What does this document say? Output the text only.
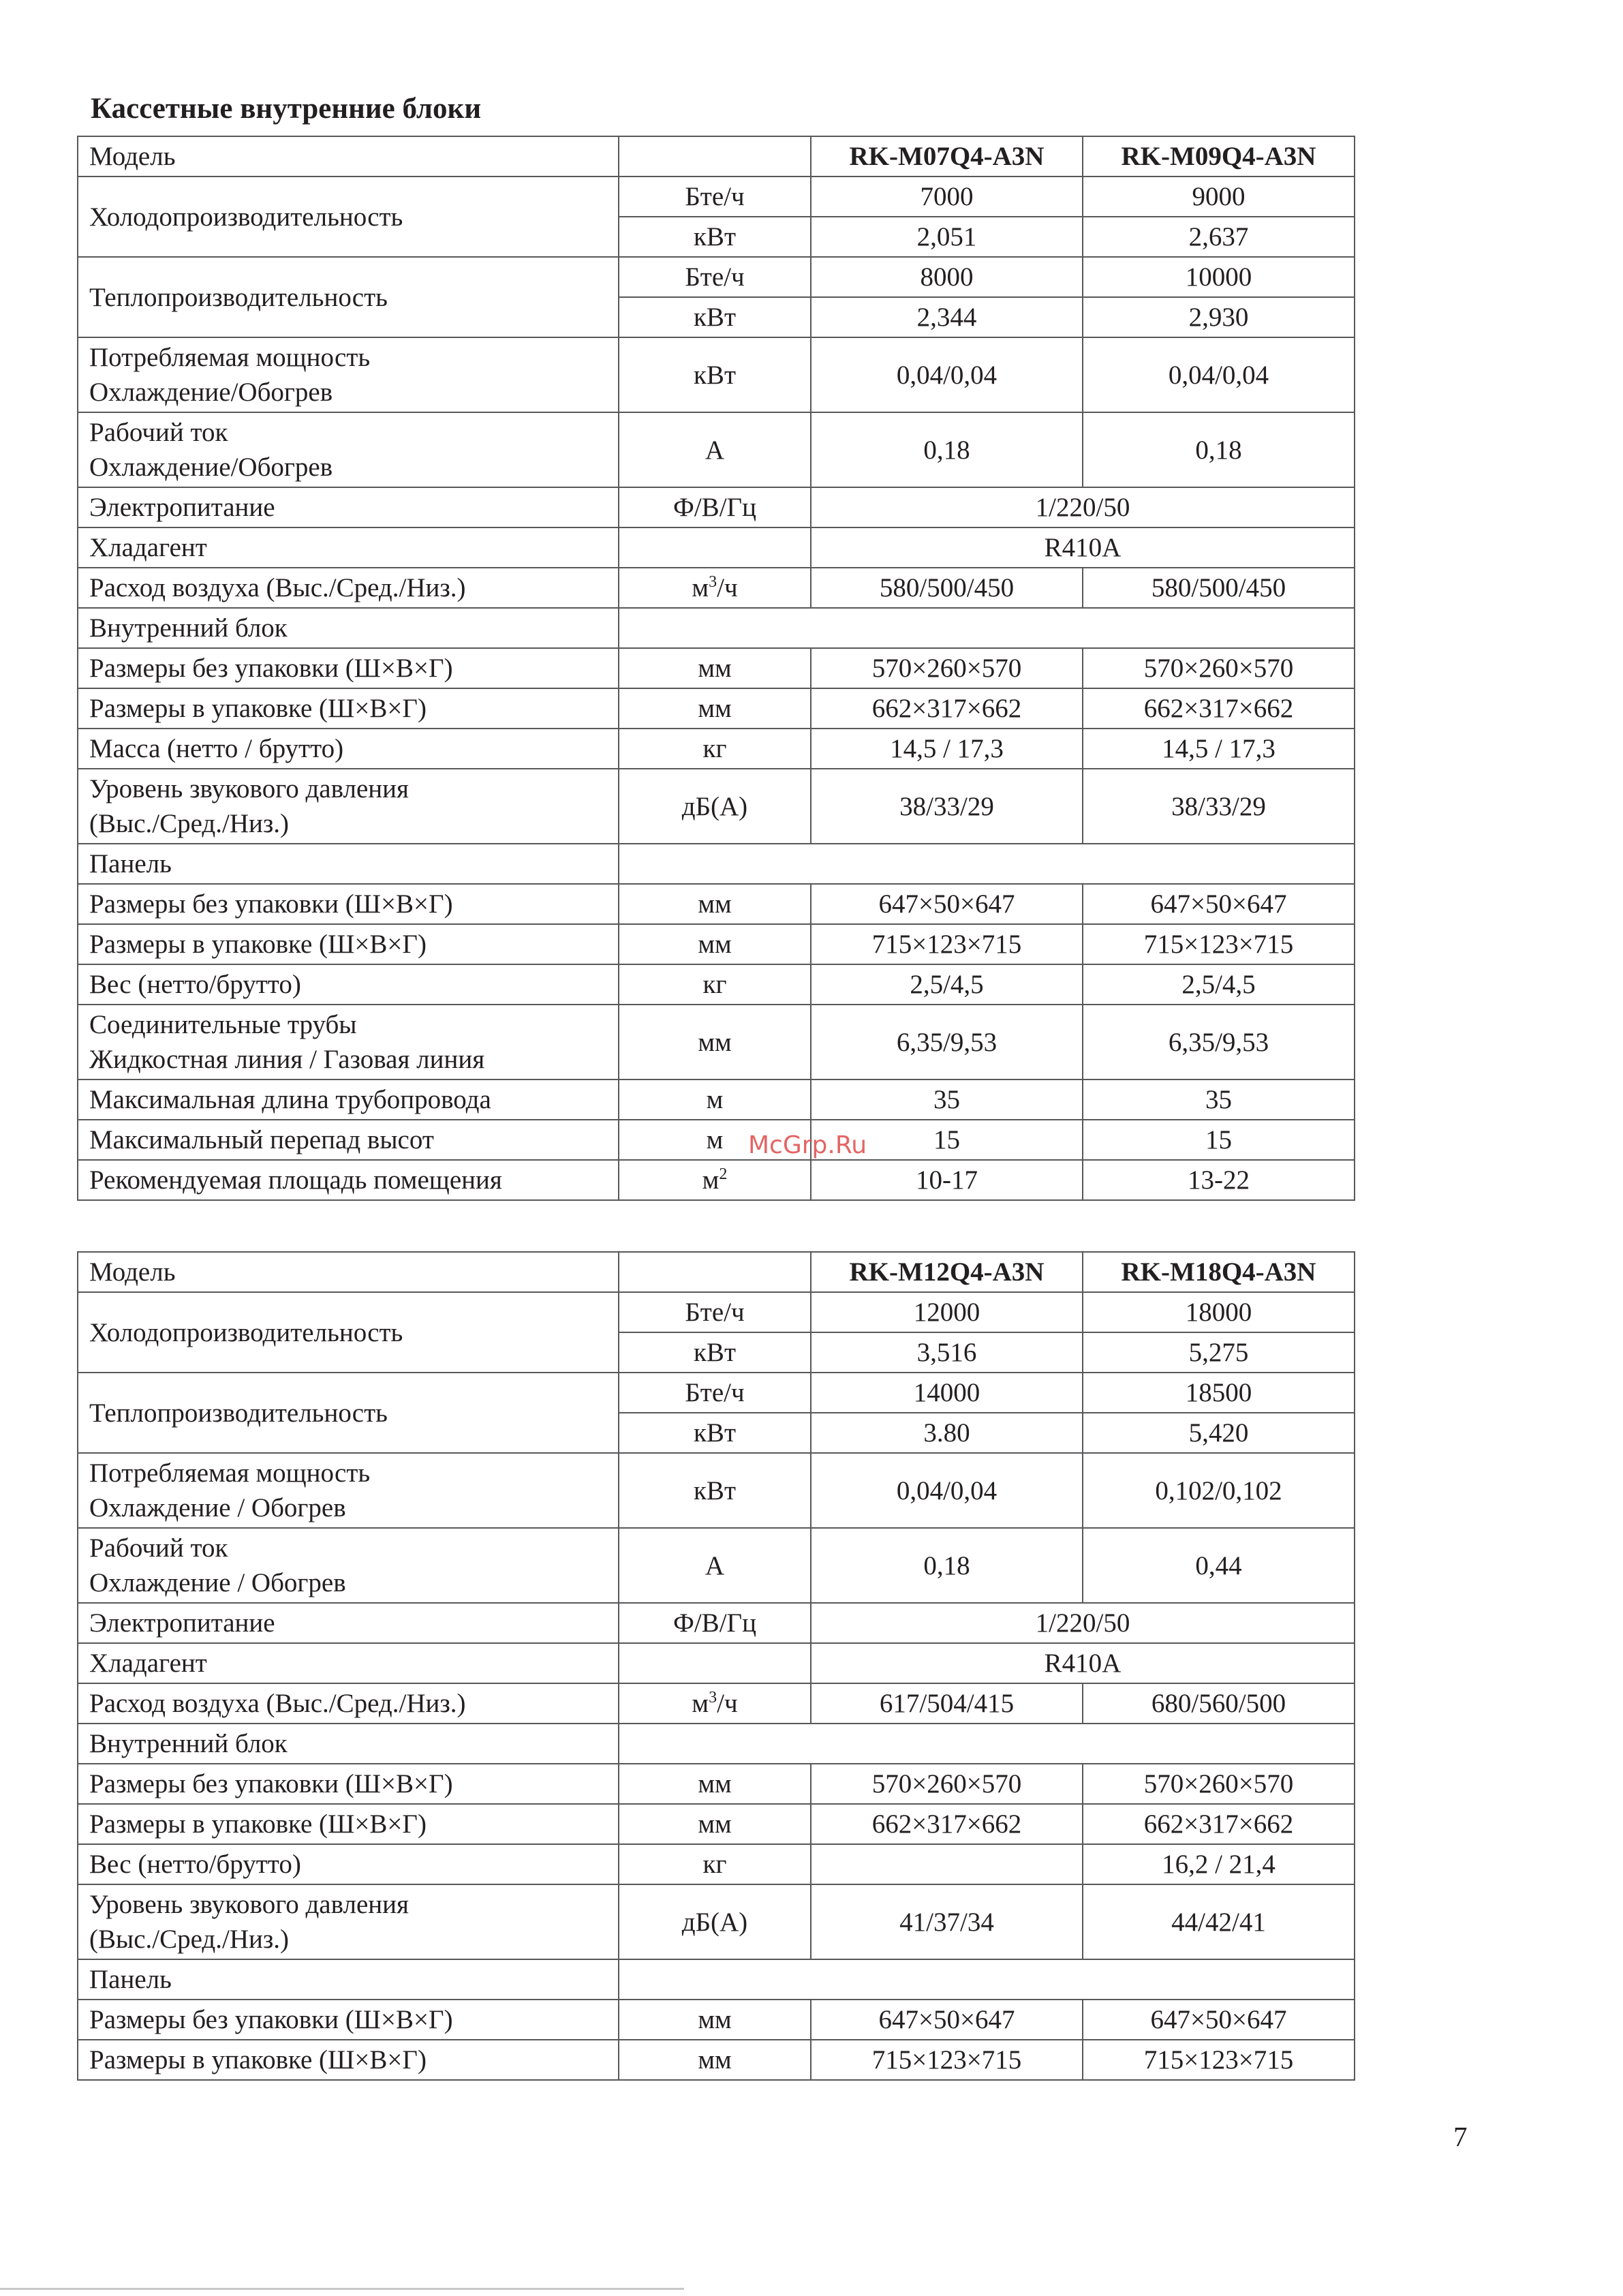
Кассетные внутренние блоки
Модель		RK-M07Q4-A3N	RK-M09Q4-A3N
Холодопроизводительность	Бте/ч	7000	9000
	кВт	2,051	2,637
Теплопроизводительность	Бте/ч	8000	10000
	кВт	2,344	2,930

Потребляемая мощность
Охлаждение/Обогрев	кВт	0,04/0,04	0,04/0,04

Рабочий ток
Охлаждение/Обогрев	А	0,18	0,18
Электропитание	Ф/В/Гц	1/220/50	
Хладагент		R410A	
Расход воздуха (Выс./Сред./Низ.)	$м^3/ч$	580/500/450	580/500/450
Внутренний блок			
Размеры без упаковки (Ш×В×Г)	мм	570×260×570	570×260×570
Размеры в упаковке (Ш×В×Г)	мм	662×317×662	662×317×662
Масса (нетто / брутто)	кг	14,5 / 17,3	14,5 / 17,3

Уровень звукового давления
(Выс./Сред./Низ.)	дБ(А)	38/33/29	38/33/29
Панель			
Размеры без упаковки (Ш×В×Г)	мм	647×50×647	647×50×647
Размеры в упаковке (Ш×В×Г)	мм	715×123×715	715×123×715
Вес (нетто/брутто)	кг	2,5/4,5	2,5/4,5

Соединительные трубы
Жидкостная линия / Газовая линия	мм	6,35/9,53	6,35/9,53
Максимальная длина трубопровода	м	35	35
Максимальный перепад высот	м	15	15
Рекомендуемая площадь помещения	$м^2$	10-17	13-22
Модель		RK-M12Q4-A3N	RK-M18Q4-A3N
Холодопроизводительность	Бте/ч	12000	18000
	кВт	3,516	5,275
Теплопроизводительность	Бте/ч	14000	18500
	кВт	3.80	5,420

Потребляемая мощность
Охлаждение / Обогрев	кВт	0,04/0,04	0,102/0,102

Рабочий ток
Охлаждение / Обогрев	А	0,18	0,44
Электропитание	Ф/В/Гц	1/220/50	
Хладагент		R410A	
Расход воздуха (Выс./Сред./Низ.)	$м^3/ч$	617/504/415	680/560/500
Внутренний блок			
Размеры без упаковки (Ш×В×Г)	мм	570×260×570	570×260×570
Размеры в упаковке (Ш×В×Г)	мм	662×317×662	662×317×662
Вес (нетто/брутто)	кг		16,2 / 21,4

Уровень звукового давления
(Выс./Сред./Низ.)	дБ(А)	41/37/34	44/42/41
Панель			
Размеры без упаковки (Ш×В×Г)	мм	647×50×647	647×50×647
Размеры в упаковке (Ш×В×Г)	мм	715×123×715	715×123×715
McGrp.Ru
7
